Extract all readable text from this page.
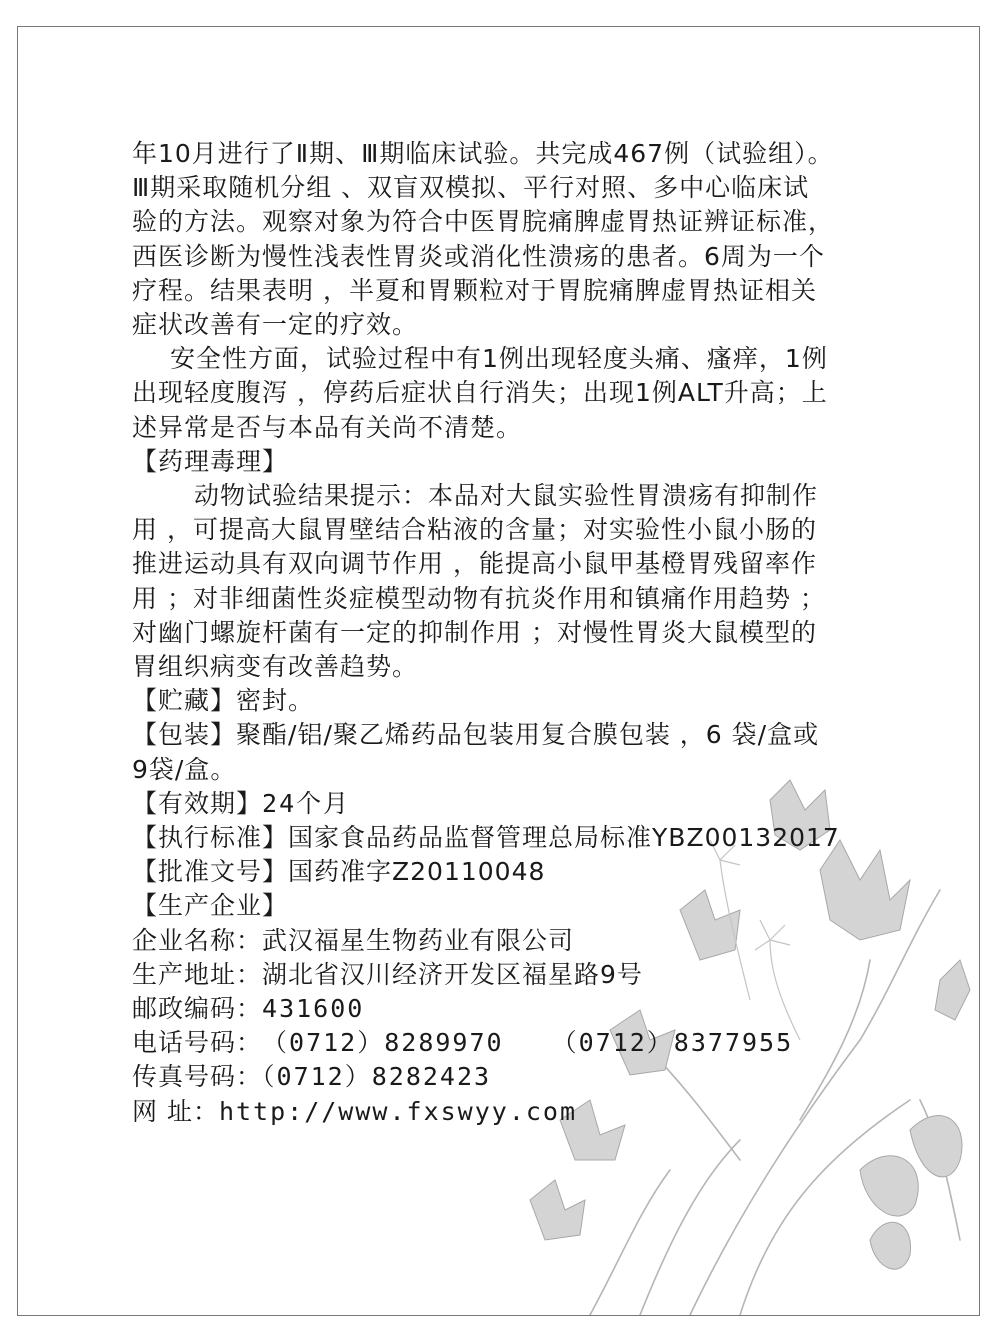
年10月进行了Ⅱ期、Ⅲ期临床试验。共完成467例（试验组）。

Ⅲ期采取随机分组 、双盲双模拟、平行对照、多中心临床试

验的方法。观察对象为符合中医胃脘痛脾虚胃热证辨证标准，

西医诊断为慢性浅表性胃炎或消化性溃疡的患者。6周为一个

疗程。结果表明 ，半夏和胃颗粒对于胃脘痛脾虚胃热证相关

症状改善有一定的疗效。

安全性方面，试验过程中有1例出现轻度头痛、瘙痒，1例

出现轻度腹泻 ，停药后症状自行消失；出现1例ALT升高；上

述异常是否与本品有关尚不清楚。

【药理毒理】

动物试验结果提示：本品对大鼠实验性胃溃疡有抑制作

用 ，可提高大鼠胃壁结合粘液的含量；对实验性小鼠小肠的

推进运动具有双向调节作用 ，能提高小鼠甲基橙胃残留率作

用 ；对非细菌性炎症模型动物有抗炎作用和镇痛作用趋势 ；

对幽门螺旋杆菌有一定的抑制作用 ；对慢性胃炎大鼠模型的

胃组织病变有改善趋势。

【贮藏】密封。

【包装】聚酯/铝/聚乙烯药品包装用复合膜包装 ，6 袋/盒或

9袋/盒。

【有效期】24个月

【执行标准】国家食品药品监督管理总局标准YBZ00132017

【批准文号】国药准字Z20110048

【生产企业】

企业名称：武汉福星生物药业有限公司

生产地址：湖北省汉川经济开发区福星路9号

邮政编码：431600

电话号码： （0712）8289970 （0712）8377955

传真号码：（0712）8282423

网 址：http://www.fxswyy.com
